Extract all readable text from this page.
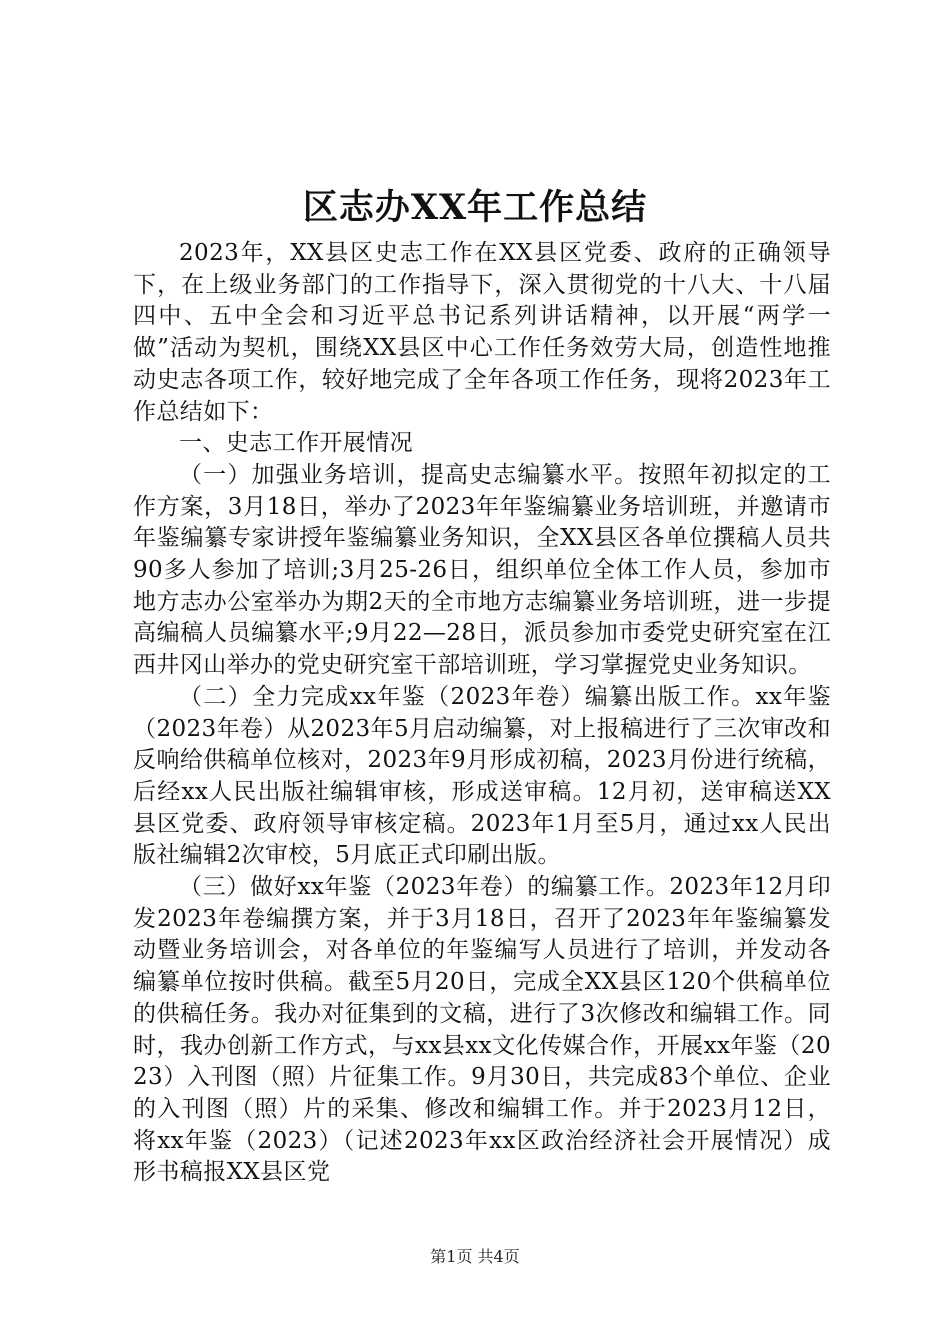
区志办XX年工作总结

2023年，XX县区史志工作在XX县区党委、政府的正确领导下，在上级业务部门的工作指导下，深入贯彻党的十八大、十八届四中、五中全会和习近平总书记系列讲话精神，以开展“两学一做”活动为契机，围绕XX县区中心工作任务效劳大局，创造性地推动史志各项工作，较好地完成了全年各项工作任务，现将2023年工作总结如下：

一、史志工作开展情况

（一）加强业务培训，提高史志编纂水平。按照年初拟定的工作方案，3月18日，举办了2023年年鉴编纂业务培训班，并邀请市年鉴编纂专家讲授年鉴编纂业务知识，全XX县区各单位撰稿人员共90多人参加了培训;3月25-26日，组织单位全体工作人员，参加市地方志办公室举办为期2天的全市地方志编纂业务培训班，进一步提高编稿人员编纂水平;9月22—28日，派员参加市委党史研究室在江西井冈山举办的党史研究室干部培训班，学习掌握党史业务知识。

（二）全力完成xx年鉴（2023年卷）编纂出版工作。xx年鉴（2023年卷）从2023年5月启动编纂，对上报稿进行了三次审改和反响给供稿单位核对，2023年9月形成初稿，2023月份进行统稿，后经xx人民出版社编辑审核，形成送审稿。12月初，送审稿送XX县区党委、政府领导审核定稿。2023年1月至5月，通过xx人民出版社编辑2次审校，5月底正式印刷出版。

（三）做好xx年鉴（2023年卷）的编纂工作。2023年12月印发2023年卷编撰方案，并于3月18日，召开了2023年年鉴编纂发动暨业务培训会，对各单位的年鉴编写人员进行了培训，并发动各编纂单位按时供稿。截至5月20日，完成全XX县区120个供稿单位的供稿任务。我办对征集到的文稿，进行了3次修改和编辑工作。同时，我办创新工作方式，与xx县xx文化传媒合作，开展xx年鉴（2023）入刊图（照）片征集工作。9月30日，共完成83个单位、企业的入刊图（照）片的采集、修改和编辑工作。并于2023月12日，将xx年鉴（2023）（记述2023年xx区政治经济社会开展情况）成形书稿报XX县区党

第1页 共4页
